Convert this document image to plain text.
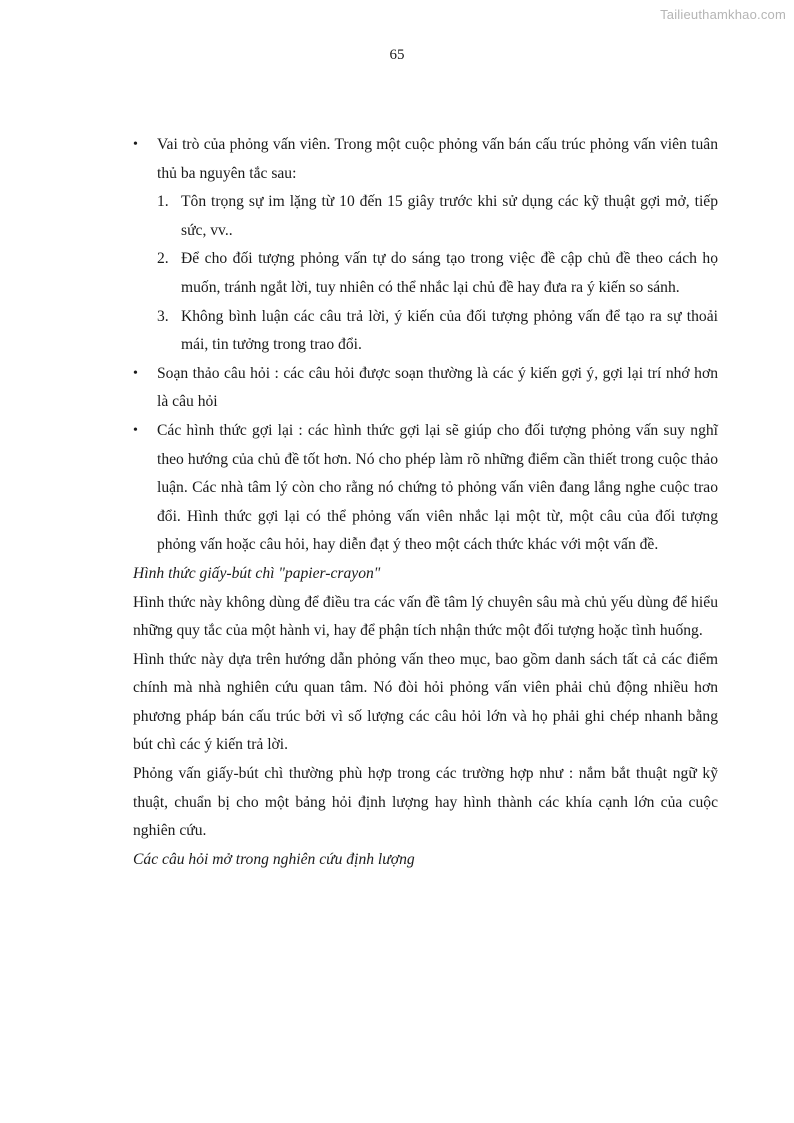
Tailieuthamkhao.com
65
•	Vai trò của phỏng vấn viên. Trong một cuộc phỏng vấn bán cấu trúc phỏng vấn viên tuân thủ ba nguyên tắc sau:
1. Tôn trọng sự im lặng từ 10 đến 15 giây trước khi sử dụng các kỹ thuật gợi mở, tiếp sức, vv..
2. Để cho đối tượng phỏng vấn tự do sáng tạo trong việc đề cập chủ đề theo cách họ muốn, tránh ngắt lời, tuy nhiên có thể nhắc lại chủ đề hay đưa ra ý kiến so sánh.
3. Không bình luận các câu trả lời, ý kiến của đối tượng phỏng vấn để tạo ra sự thoải mái, tin tưởng trong trao đổi.
•	Soạn thảo câu hỏi : các câu hỏi được soạn thường là các ý kiến gợi ý, gợi lại trí nhớ hơn là câu hỏi
•	Các hình thức gợi lại : các hình thức gợi lại sẽ giúp cho đối tượng phỏng vấn suy nghĩ theo hướng của chủ đề tốt hơn. Nó cho phép làm rõ những điểm cần thiết trong cuộc thảo luận. Các nhà tâm lý còn cho rằng nó chứng tỏ phỏng vấn viên đang lắng nghe cuộc trao đổi. Hình thức gợi lại có thể phỏng vấn viên nhắc lại một từ, một câu của đối tượng phỏng vấn hoặc câu hỏi, hay diễn đạt ý theo một cách thức khác với một vấn đề.

Hình thức giấy-bút chì "papier-crayon"

Hình thức này không dùng để điều tra các vấn đề tâm lý chuyên sâu mà chủ yếu dùng để hiểu những quy tắc của một hành vi, hay để phận tích nhận thức một đối tượng hoặc tình huống.

Hình thức này dựa trên hướng dẫn phỏng vấn theo mục, bao gồm danh sách tất cả các điểm chính mà nhà nghiên cứu quan tâm. Nó đòi hỏi phỏng vấn viên phải chủ động nhiều hơn phương pháp bán cấu trúc bởi vì số lượng các câu hỏi lớn và họ phải ghi chép nhanh bằng bút chì các ý kiến trả lời.

Phỏng vấn giấy-bút chì thường phù hợp trong các trường hợp như : nắm bắt thuật ngữ kỹ thuật, chuẩn bị cho một bảng hỏi định lượng hay hình thành các khía cạnh lớn của cuộc nghiên cứu.

Các câu hỏi mở trong nghiên cứu định lượng
